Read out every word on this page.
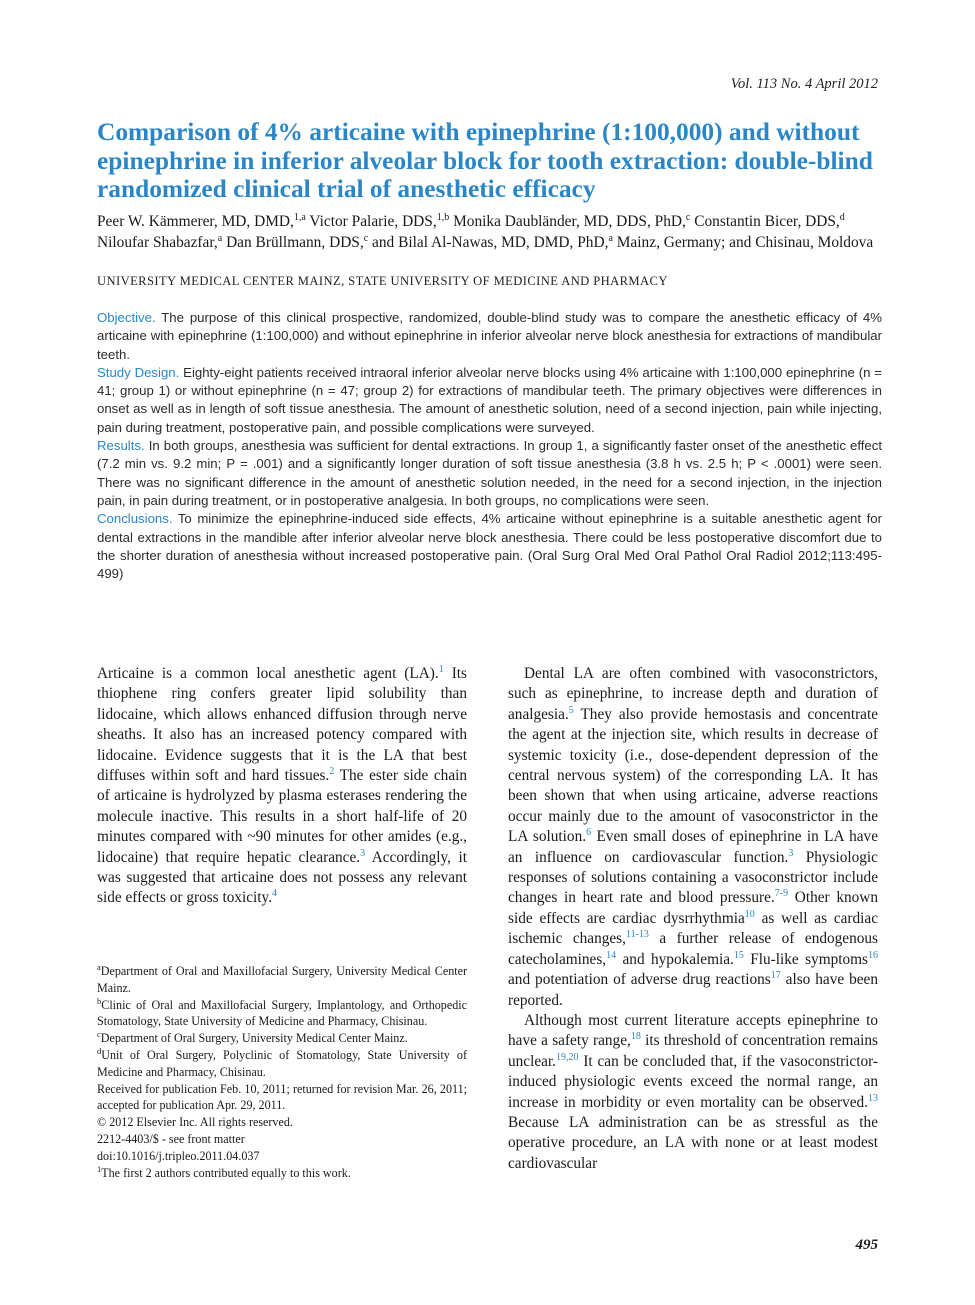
Vol. 113 No. 4 April 2012
Comparison of 4% articaine with epinephrine (1:100,000) and without epinephrine in inferior alveolar block for tooth extraction: double-blind randomized clinical trial of anesthetic efficacy
Peer W. Kämmerer, MD, DMD,$^{1,a}$ Victor Palarie, DDS,$^{1,b}$ Monika Daubländer, MD, DDS, PhD,$^c$ Constantin Bicer, DDS,$^d$ Niloufar Shabazfar,$^a$ Dan Brüllmann, DDS,$^c$ and Bilal Al-Nawas, MD, DMD, PhD,$^a$ Mainz, Germany; and Chisinau, Moldova
UNIVERSITY MEDICAL CENTER MAINZ, STATE UNIVERSITY OF MEDICINE AND PHARMACY

Objective. The purpose of this clinical prospective, randomized, double-blind study was to compare the anesthetic efficacy of 4% articaine with epinephrine (1:100,000) and without epinephrine in inferior alveolar nerve block anesthesia for extractions of mandibular teeth.

Study Design. Eighty-eight patients received intraoral inferior alveolar nerve blocks using 4% articaine with 1:100,000 epinephrine (n = 41; group 1) or without epinephrine (n = 47; group 2) for extractions of mandibular teeth. The primary objectives were differences in onset as well as in length of soft tissue anesthesia. The amount of anesthetic solution, need of a second injection, pain while injecting, pain during treatment, postoperative pain, and possible complications were surveyed.

Results. In both groups, anesthesia was sufficient for dental extractions. In group 1, a significantly faster onset of the anesthetic effect (7.2 min vs. 9.2 min; P = .001) and a significantly longer duration of soft tissue anesthesia (3.8 h vs. 2.5 h; P < .0001) were seen. There was no significant difference in the amount of anesthetic solution needed, in the need for a second injection, in the injection pain, in pain during treatment, or in postoperative analgesia. In both groups, no complications were seen.

Conclusions. To minimize the epinephrine-induced side effects, 4% articaine without epinephrine is a suitable anesthetic agent for dental extractions in the mandible after inferior alveolar nerve block anesthesia. There could be less postoperative discomfort due to the shorter duration of anesthesia without increased postoperative pain. (Oral Surg Oral Med Oral Pathol Oral Radiol 2012;113:495-499)

Articaine is a common local anesthetic agent (LA).$^1$ Its thiophene ring confers greater lipid solubility than lidocaine, which allows enhanced diffusion through nerve sheaths. It also has an increased potency compared with lidocaine. Evidence suggests that it is the LA that best diffuses within soft and hard tissues.$^2$ The ester side chain of articaine is hydrolyzed by plasma esterases rendering the molecule inactive. This results in a short half-life of 20 minutes compared with ~90 minutes for other amides (e.g., lidocaine) that require hepatic clearance.$^3$ Accordingly, it was suggested that articaine does not possess any relevant side effects or gross toxicity.$^4$

$^a$Department of Oral and Maxillofacial Surgery, University Medical Center Mainz.
$^b$Clinic of Oral and Maxillofacial Surgery, Implantology, and Orthopedic Stomatology, State University of Medicine and Pharmacy, Chisinau.
$^c$Department of Oral Surgery, University Medical Center Mainz.
$^d$Unit of Oral Surgery, Polyclinic of Stomatology, State University of Medicine and Pharmacy, Chisinau.
Received for publication Feb. 10, 2011; returned for revision Mar. 26, 2011; accepted for publication Apr. 29, 2011.
© 2012 Elsevier Inc. All rights reserved.
2212-4403/$ - see front matter
doi:10.1016/j.tripleo.2011.04.037
$^1$The first 2 authors contributed equally to this work.

Dental LA are often combined with vasoconstrictors, such as epinephrine, to increase depth and duration of analgesia.$^5$ They also provide hemostasis and concentrate the agent at the injection site, which results in decrease of systemic toxicity (i.e., dose-dependent depression of the central nervous system) of the corresponding LA. It has been shown that when using articaine, adverse reactions occur mainly due to the amount of vasoconstrictor in the LA solution.$^6$ Even small doses of epinephrine in LA have an influence on cardiovascular function.$^3$ Physiologic responses of solutions containing a vasoconstrictor include changes in heart rate and blood pressure.$^{7-9}$ Other known side effects are cardiac dysrrhythmia$^{10}$ as well as cardiac ischemic changes,$^{11-13}$ a further release of endogenous catecholamines,$^{14}$ and hypokalemia.$^{15}$ Flu-like symptoms$^{16}$ and potentiation of adverse drug reactions$^{17}$ also have been reported.

Although most current literature accepts epinephrine to have a safety range,$^{18}$ its threshold of concentration remains unclear.$^{19,20}$ It can be concluded that, if the vasoconstrictor-induced physiologic events exceed the normal range, an increase in morbidity or even mortality can be observed.$^{13}$ Because LA administration can be as stressful as the operative procedure, an LA with none or at least modest cardiovascular

495
